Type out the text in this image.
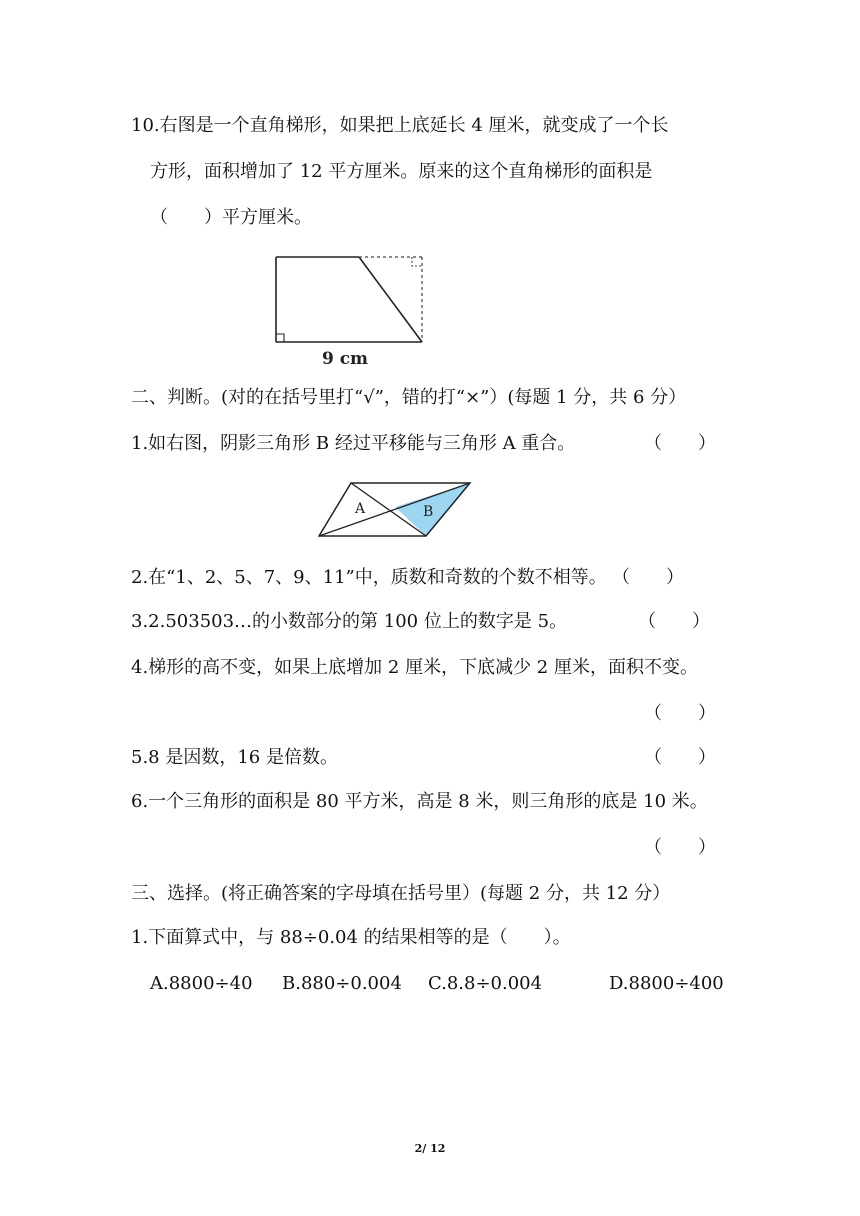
10.右图是一个直角梯形，如果把上底延长 4 厘米，就变成了一个长
方形，面积增加了 12 平方厘米。原来的这个直角梯形的面积是
（　　）平方厘米。
9 cm
二、判断。(对的在括号里打“√”，错的打“×”）(每题 1 分，共 6 分）
1.如右图，阴影三角形 B 经过平移能与三角形 A 重合。	（　　）
A	B
2.在“1、2、5、7、9、11”中，质数和奇数的个数不相等。 （　　）
3.2.503503…的小数部分的第 100 位上的数字是 5。	（　　）
4.梯形的高不变，如果上底增加 2 厘米，下底减少 2 厘米，面积不变。
（　　）
5.8 是因数，16 是倍数。	（　　）
6.一个三角形的面积是 80 平方米，高是 8 米，则三角形的底是 10 米。
（　　）
三、选择。(将正确答案的字母填在括号里）(每题 2 分，共 12 分）
1.下面算式中，与 88÷0.04 的结果相等的是（　　）。
A.8800÷40 B.880÷0.004 C.8.8÷0.004	D.8800÷400
2/ 12
